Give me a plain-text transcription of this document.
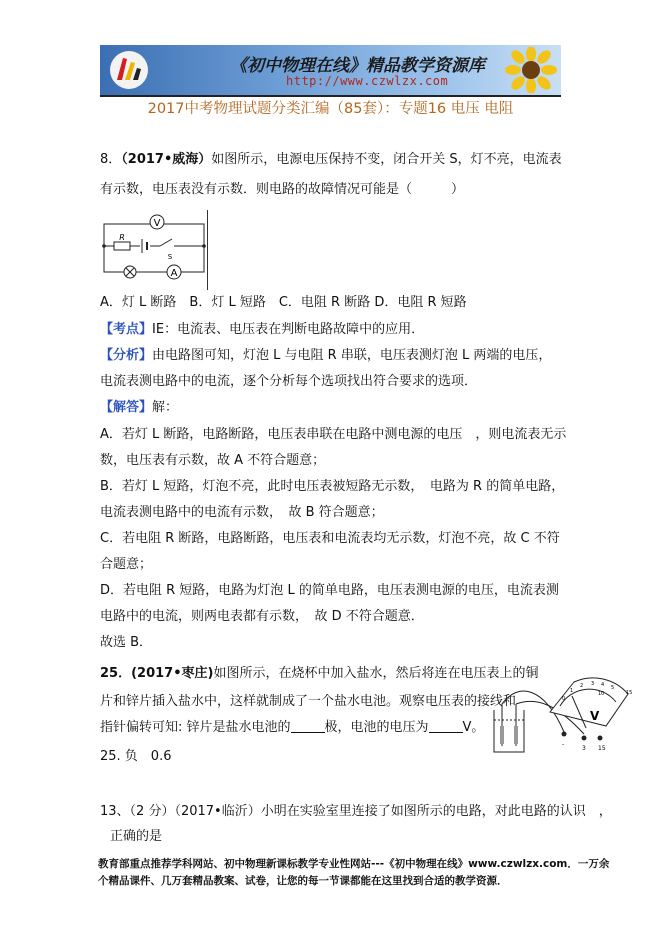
《初中物理在线》精品教学资源库
http://www.czwlzx.com
2017中考物理试题分类汇编（85套）：专题16 电压 电阻
8．（2017•威海）如图所示，电源电压保持不变，闭合开关 S，灯不亮，电流表
有示数，电压表没有示数．则电路的故障情况可能是（　　　）
V
R
S
A
A．灯 L 断路　B．灯 L 短路　C．电阻 R 断路 D．电阻 R 短路
【考点】IE：电流表、电压表在判断电路故障中的应用．
【分析】由电路图可知，灯泡 L 与电阻 R 串联，电压表测灯泡 L 两端的电压，
电流表测电路中的电流，逐个分析每个选项找出符合要求的选项．
【解答】解：
A．若灯 L 断路，电路断路，电压表串联在电路中测电源的电压　，则电流表无示
数，电压表有示数，故 A 不符合题意；
B．若灯 L 短路，灯泡不亮，此时电压表被短路无示数，　电路为 R 的简单电路，
电流表测电路中的电流有示数，　故 B 符合题意；
C．若电阻 R 断路，电路断路，电压表和电流表均无示数，灯泡不亮，故 C 不符
合题意；
D．若电阻 R 短路，电路为灯泡 L 的简单电路，电压表测电源的电压，电流表测
电路中的电流，则两电表都有示数，　故 D 不符合题意．
故选 B．
25．(2017•枣庄)如图所示，在烧杯中加入盐水，然后将连在电压表上的铜
片和锌片插入盐水中，这样就制成了一个盐水电池。观察电压表的接线和
指针偏转可知: 锌片是盐水电池的	极，电池的电压为	V。
V
0
1
2 3 4 5
10	15
-
3 15
25. 负　0.6
13、（2 分）（2017•临沂）小明在实验室里连接了如图所示的电路，对此电路的认识　，
正确的是
教育部重点推荐学科网站、初中物理新课标教学专业性网站---《初中物理在线》www.czwlzx.com．一万余
个精品课件、几万套精品教案、试卷，让您的每一节课都能在这里找到合适的教学资源．
